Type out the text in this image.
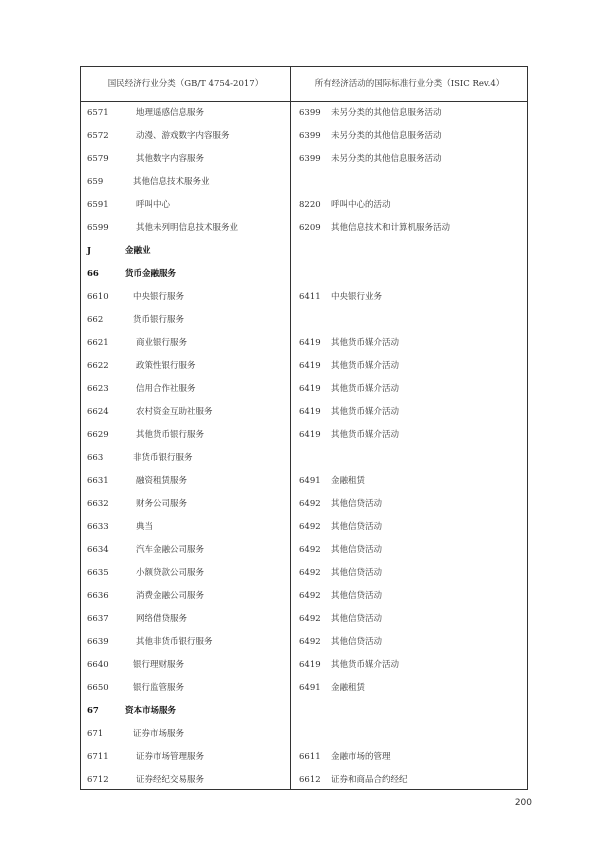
国民经济行业分类（GB/T 4754-2017）	所有经济活动的国际标准行业分类（ISIC Rev.4）
6571	地理遥感信息服务	6399 未另分类的其他信息服务活动
6572	动漫、游戏数字内容服务	6399 未另分类的其他信息服务活动
6579	其他数字内容服务	6399 未另分类的其他信息服务活动
659	其他信息技术服务业
6591	呼叫中心	8220 呼叫中心的活动
6599	其他未列明信息技术服务业	6209 其他信息技术和计算机服务活动
J	金融业
66	货币金融服务
6610	中央银行服务	6411 中央银行业务
662	货币银行服务
6621	商业银行服务	6419 其他货币媒介活动
6622	政策性银行服务	6419 其他货币媒介活动
6623	信用合作社服务	6419 其他货币媒介活动
6624	农村资金互助社服务	6419 其他货币媒介活动
6629	其他货币银行服务	6419 其他货币媒介活动
663	非货币银行服务
6631	融资租赁服务	6491 金融租赁
6632	财务公司服务	6492 其他信贷活动
6633	典当	6492 其他信贷活动
6634	汽车金融公司服务	6492 其他信贷活动
6635	小额贷款公司服务	6492 其他信贷活动
6636	消费金融公司服务	6492 其他信贷活动
6637	网络借贷服务	6492 其他信贷活动
6639	其他非货币银行服务	6492 其他信贷活动
6640	银行理财服务	6419 其他货币媒介活动
6650	银行监管服务	6491 金融租赁
67	资本市场服务
671	证券市场服务
6711	证券市场管理服务	6611 金融市场的管理
6712	证券经纪交易服务	6612 证券和商品合约经纪
200
